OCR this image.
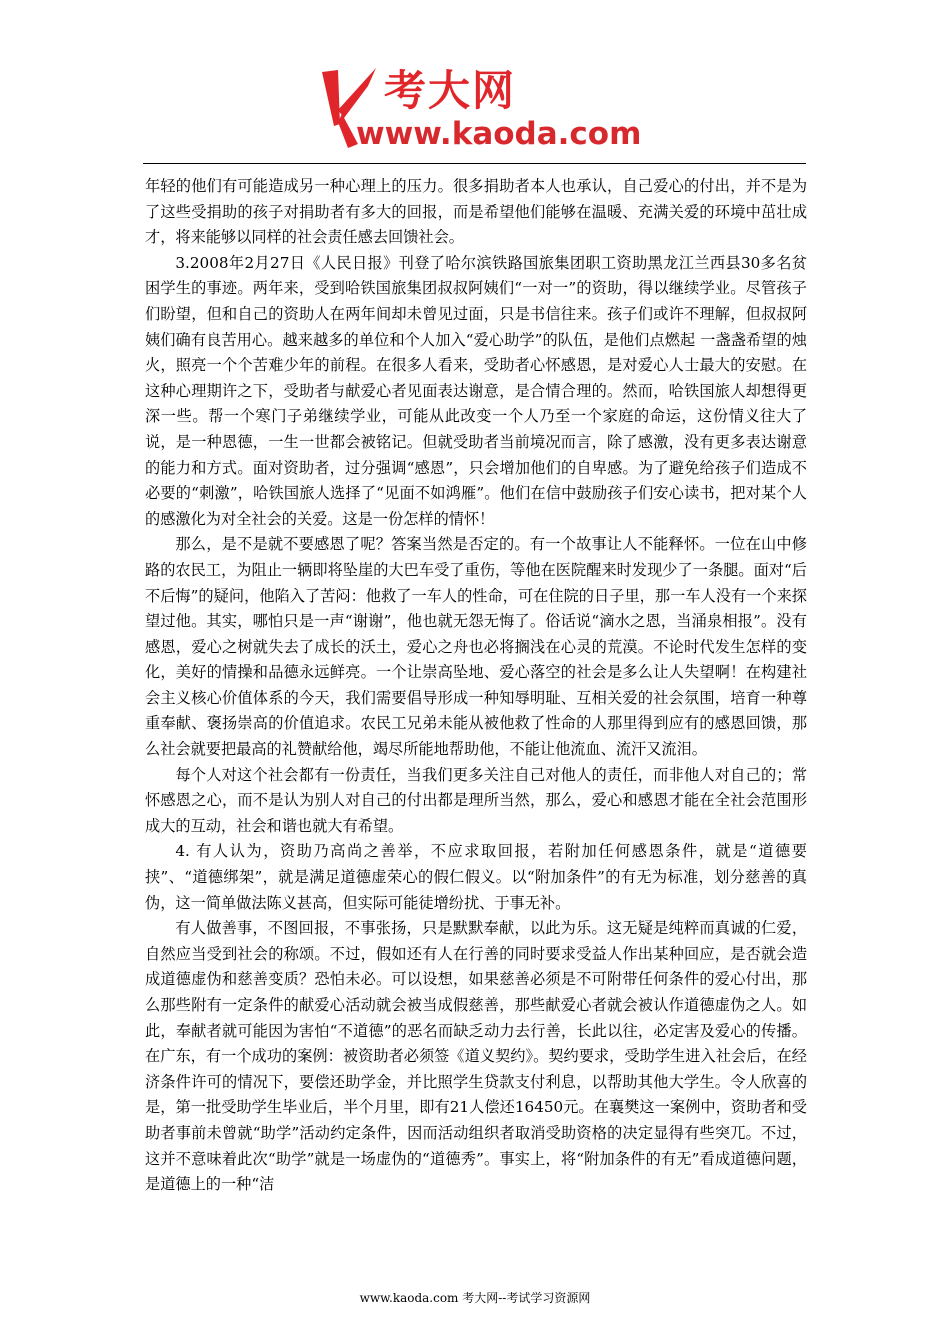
考大网
www.kaoda.com

年轻的他们有可能造成另一种心理上的压力。很多捐助者本人也承认，自己爱心的付出，并不是为了这些受捐助的孩子对捐助者有多大的回报，而是希望他们能够在温暖、充满关爱的环境中茁壮成才，将来能够以同样的社会责任感去回馈社会。

3.2008年2月27日《人民日报》刊登了哈尔滨铁路国旅集团职工资助黑龙江兰西县30多名贫困学生的事迹。两年来，受到哈铁国旅集团叔叔阿姨们“一对一”的资助，得以继续学业。尽管孩子们盼望，但和自己的资助人在两年间却未曾见过面，只是书信往来。孩子们或许不理解，但叔叔阿姨们确有良苦用心。越来越多的单位和个人加入“爱心助学”的队伍，是他们点燃起 一盏盏希望的烛火，照亮一个个苦难少年的前程。在很多人看来，受助者心怀感恩，是对爱心人士最大的安慰。在这种心理期许之下，受助者与献爱心者见面表达谢意，是合情合理的。然而，哈铁国旅人却想得更深一些。帮一个寒门子弟继续学业，可能从此改变一个人乃至一个家庭的命运，这份情义往大了说，是一种恩德，一生一世都会被铭记。但就受助者当前境况而言，除了感激，没有更多表达谢意的能力和方式。面对资助者，过分强调“感恩”，只会增加他们的自卑感。为了避免给孩子们造成不必要的“刺激”，哈铁国旅人选择了“见面不如鸿雁”。他们在信中鼓励孩子们安心读书，把对某个人的感激化为对全社会的关爱。这是一份怎样的情怀！

那么，是不是就不要感恩了呢？答案当然是否定的。有一个故事让人不能释怀。一位在山中修路的农民工，为阻止一辆即将坠崖的大巴车受了重伤，等他在医院醒来时发现少了一条腿。面对“后不后悔”的疑问，他陷入了苦闷：他救了一车人的性命，可在住院的日子里，那一车人没有一个来探望过他。其实，哪怕只是一声“谢谢”，他也就无怨无悔了。俗话说“滴水之恩，当涌泉相报”。没有感恩，爱心之树就失去了成长的沃土，爱心之舟也必将搁浅在心灵的荒漠。不论时代发生怎样的变化，美好的情操和品德永远鲜亮。一个让崇高坠地、爱心落空的社会是多么让人失望啊！在构建社会主义核心价值体系的今天，我们需要倡导形成一种知辱明耻、互相关爱的社会氛围，培育一种尊重奉献、褒扬崇高的价值追求。农民工兄弟未能从被他救了性命的人那里得到应有的感恩回馈，那么社会就要把最高的礼赞献给他，竭尽所能地帮助他，不能让他流血、流汗又流泪。

每个人对这个社会都有一份责任，当我们更多关注自己对他人的责任，而非他人对自己的；常怀感恩之心，而不是认为别人对自己的付出都是理所当然，那么，爱心和感恩才能在全社会范围形成大的互动，社会和谐也就大有希望。

4. 有人认为，资助乃高尚之善举，不应求取回报，若附加任何感恩条件，就是“道德要挟”、“道德绑架”，就是满足道德虚荣心的假仁假义。以“附加条件”的有无为标准，划分慈善的真伪，这一简单做法陈义甚高，但实际可能徒增纷扰、于事无补。

有人做善事，不图回报，不事张扬，只是默默奉献，以此为乐。这无疑是纯粹而真诚的仁爱，自然应当受到社会的称颂。不过，假如还有人在行善的同时要求受益人作出某种回应，是否就会造成道德虚伪和慈善变质？恐怕未必。可以设想，如果慈善必须是不可附带任何条件的爱心付出，那么那些附有一定条件的献爱心活动就会被当成假慈善，那些献爱心者就会被认作道德虚伪之人。如此，奉献者就可能因为害怕“不道德”的恶名而缺乏动力去行善，长此以往，必定害及爱心的传播。在广东，有一个成功的案例：被资助者必须签《道义契约》。契约要求，受助学生进入社会后，在经济条件许可的情况下，要偿还助学金，并比照学生贷款支付利息，以帮助其他大学生。令人欣喜的是，第一批受助学生毕业后，半个月里，即有21人偿还16450元。在襄樊这一案例中，资助者和受助者事前未曾就“助学”活动约定条件，因而活动组织者取消受助资格的决定显得有些突兀。不过，这并不意味着此次“助学”就是一场虚伪的“道德秀”。事实上，将“附加条件的有无”看成道德问题，是道德上的一种“洁

www.kaoda.com 考大网--考试学习资源网
